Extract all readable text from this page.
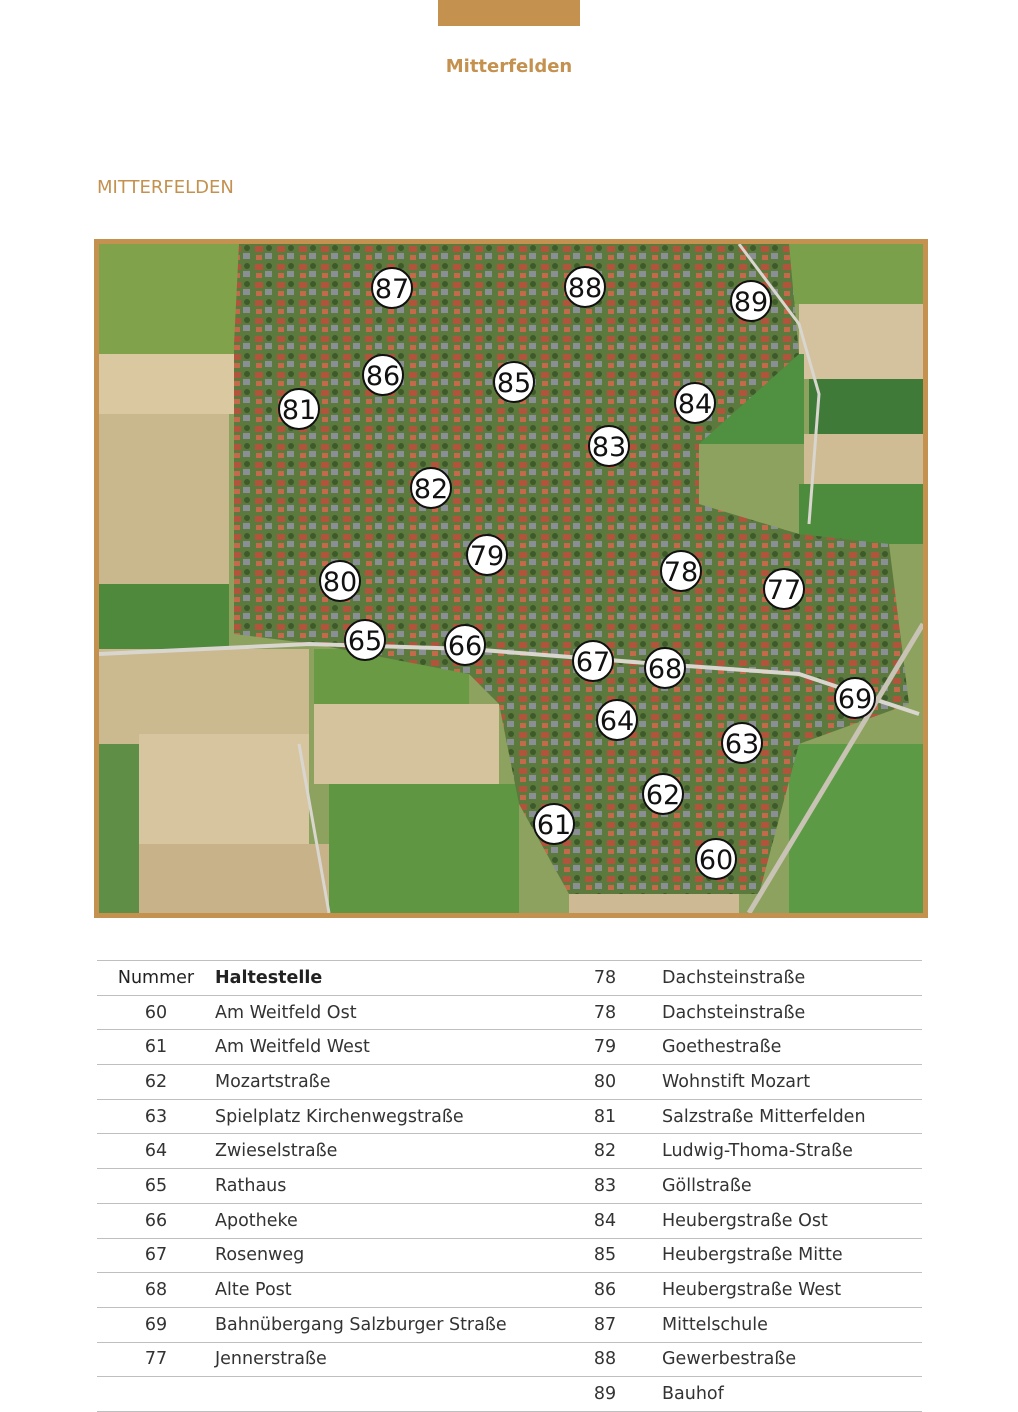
Mitterfelden
MITTERFELDEN
87	88	89
86	85
81	84
83
82
79
78
80	77
65 66
67 68
69
64
63
62
61
60
Nummer	Haltestelle	78	Dachsteinstraße
60	Am Weitfeld Ost	78	Dachsteinstraße
61	Am Weitfeld West	79	Goethestraße
62	Mozartstraße	80	Wohnstift Mozart
63	Spielplatz Kirchenwegstraße	81	Salzstraße Mitterfelden
64	Zwieselstraße	82	Ludwig-Thoma-Straße
65	Rathaus	83	Göllstraße
66	Apotheke	84	Heubergstraße Ost
67	Rosenweg	85	Heubergstraße Mitte
68	Alte Post	86	Heubergstraße West
69	Bahnübergang Salzburger Straße	87	Mittelschule
77	Jennerstraße	88	Gewerbestraße
		89	Bauhof
